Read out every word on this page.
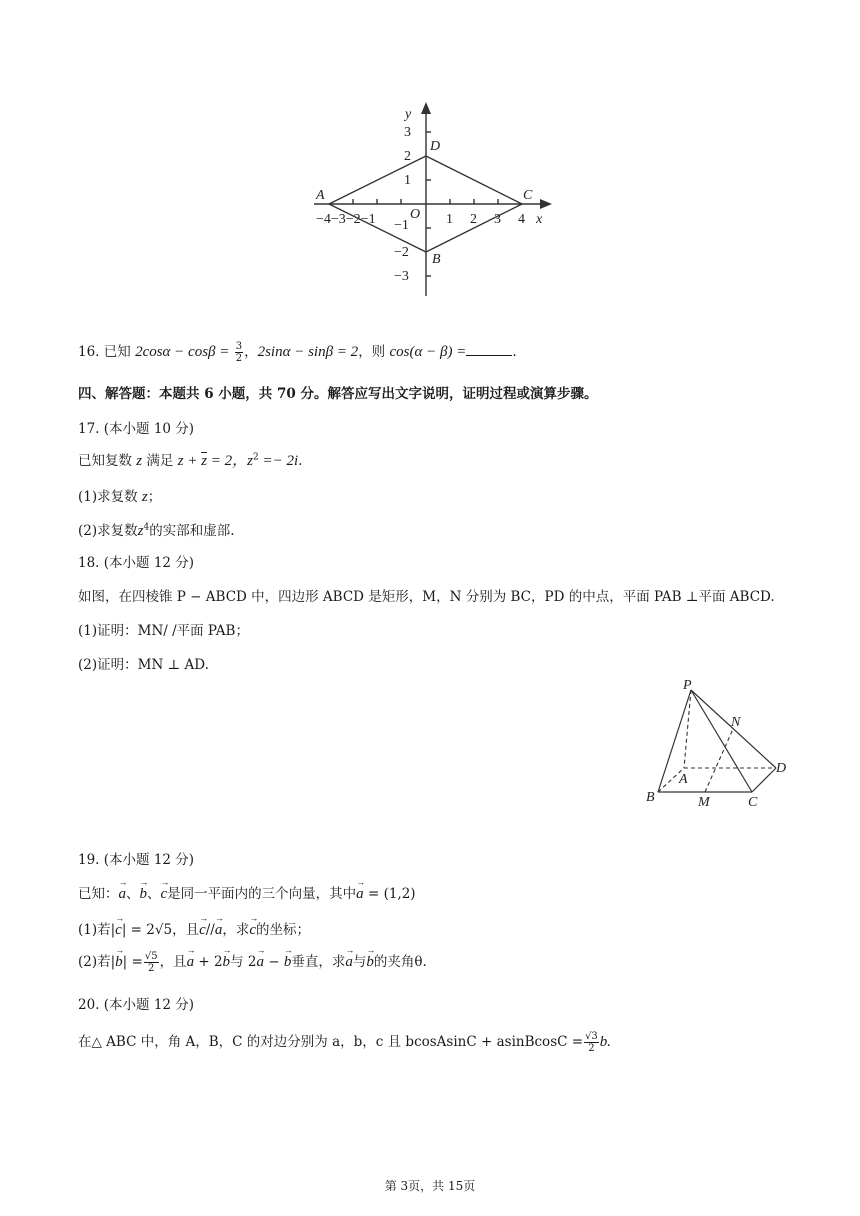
y
x
O
A
B
C
D
3
2
1
−1
−2
−3
−4−3−2−1	1 2 3 4
16. 已知 $2\cos\alpha - \cos\beta = \frac{3}{2}$ ，2sinα − sinβ = 2，则 cos(α − β) =	.
四、解答题：本题共 6 小题，共 70 分。解答应写出文字说明，证明过程或演算步骤。
17. (本小题 10 分)
已知复数 z 满足 $z + \overline{z} = 2$，$z^2 =- 2i$.
(1)求复数 z；
(2)求复数$z^4$的实部和虚部.
18. (本小题 12 分)
如图，在四棱锥 P − ABCD 中，四边形 ABCD 是矩形，M，N 分别为 BC，PD 的中点，平面 PAB ⊥平面 ABCD.
(1)证明：MN/ /平面 PAB；
(2)证明：MN ⊥ AD.
P
N
A
D
B	M	C
19. (本小题 12 分)
已知：→ a、→ b、→ c是同一平面内的三个向量，其中→ a = (1,2)
(1)若|→ c| = 2√5，且→ c//→ a，求→ c的坐标；
(2)若|→ $b| = \frac{√5}{2}$ ，且→ a + 2→ b与 2→ a − → b垂直，求→ a与→ b的夹角θ.
20. (本小题 12 分)
在△ ABC 中，角 A，B，C 的对边分别为 a，b，c 且 bcosAsinC + asinBcosC = $\frac{√3}{2} b$.
第 3页，共 15页
